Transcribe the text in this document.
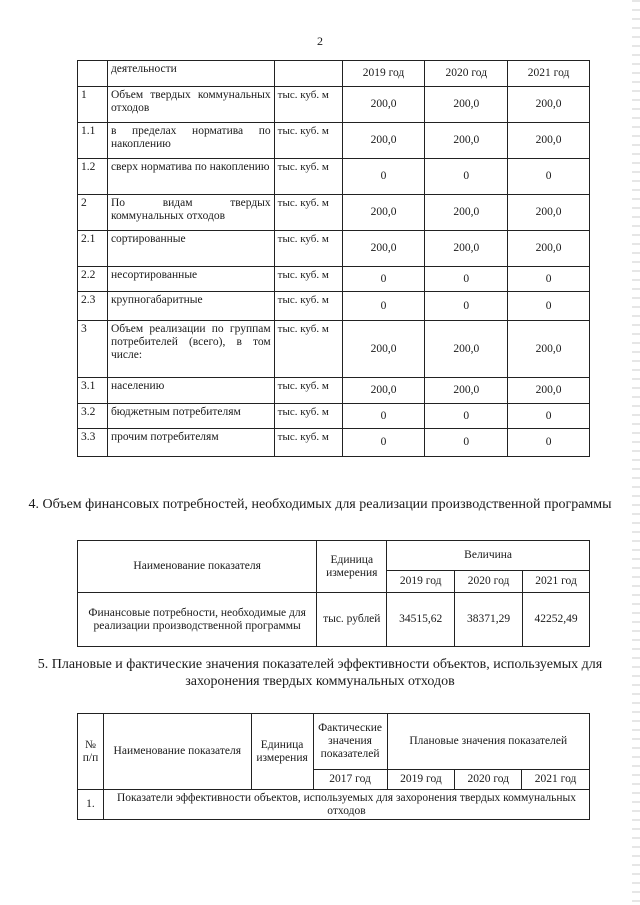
2
	деятельности		2019 год	2020 год	2021 год
1	Объем твердых коммунальных отходов	тыс. куб. м	200,0	200,0	200,0
1.1	в пределах норматива по накоплению	тыс. куб. м	200,0	200,0	200,0
1.2	сверх норматива по накоплению	тыс. куб. м	0	0	0
2	По видам твердых коммунальных отходов	тыс. куб. м	200,0	200,0	200,0
2.1	сортированные	тыс. куб. м	200,0	200,0	200,0
2.2	несортированные	тыс. куб. м	0	0	0
2.3	крупногабаритные	тыс. куб. м	0	0	0
3	Объем реализации по группам потребителей (всего), в том числе:	тыс. куб. м	200,0	200,0	200,0
3.1	населению	тыс. куб. м	200,0	200,0	200,0
3.2	бюджетным потребителям	тыс. куб. м	0	0	0
3.3	прочим потребителям	тыс. куб. м	0	0	0
4. Объем финансовых потребностей, необходимых для реализации производственной программы
Наименование показателя	Единица измерения	Величина		
		2019 год	2020 год	2021 год
Финансовые потребности, необходимые для реализации производственной программы	тыс. рублей	34515,62	38371,29	42252,49
5. Плановые и фактические значения показателей эффективности объектов, используемых для захоронения твердых коммунальных отходов
№ п/п	Наименование показателя	Единица измерения	Фактические значения показателей	Плановые значения показателей		
			2017 год	2019 год	2020 год	2021 год
1.	Показатели эффективности объектов, используемых для захоронения твердых коммунальных отходов					
